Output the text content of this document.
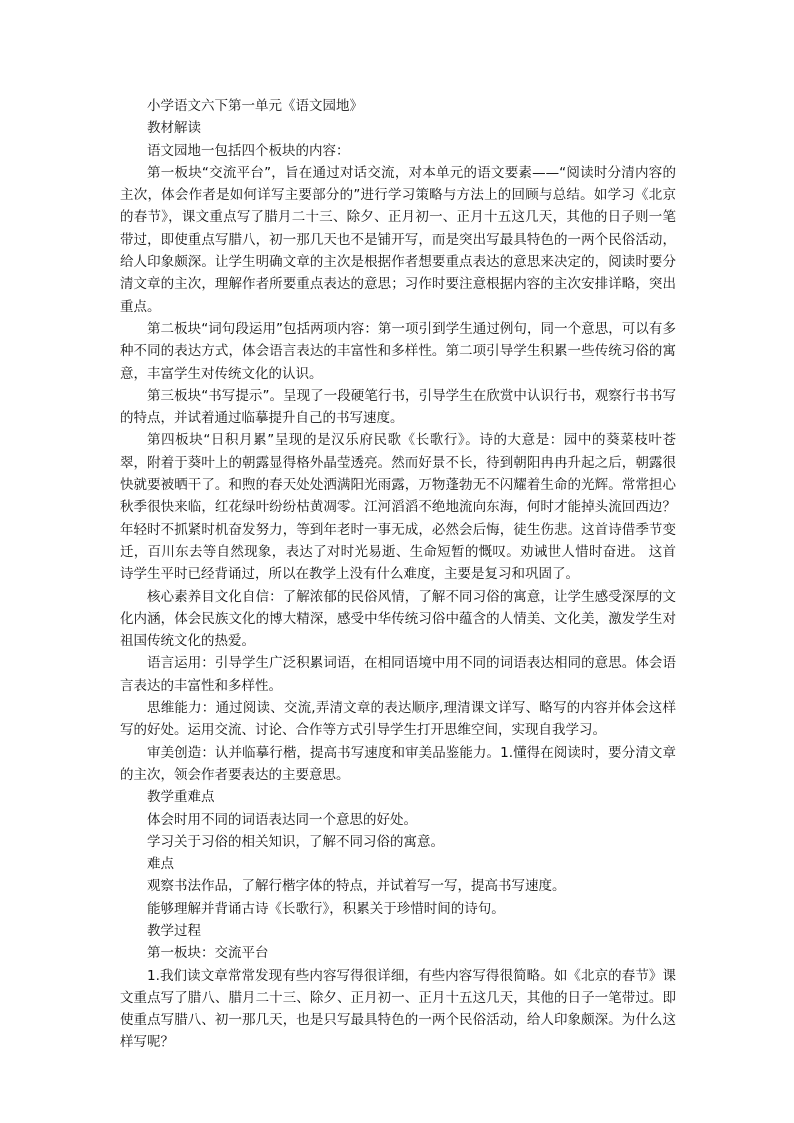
小学语文六下第一单元《语文园地》

教材解读

语文园地一包括四个板块的内容：

第一板块“交流平台”，旨在通过对话交流，对本单元的语文要素——“阅读时分清内容的主次，体会作者是如何详写主要部分的”进行学习策略与方法上的回顾与总结。如学习《北京的春节》，课文重点写了腊月二十三、除夕、正月初一、正月十五这几天，其他的日子则一笔带过，即使重点写腊八，初一那几天也不是铺开写，而是突出写最具特色的一两个民俗活动，给人印象颇深。让学生明确文章的主次是根据作者想要重点表达的意思来决定的，阅读时要分清文章的主次，理解作者所要重点表达的意思；习作时要注意根据内容的主次安排详略，突出重点。

第二板块“词句段运用”包括两项内容：第一项引到学生通过例句，同一个意思，可以有多种不同的表达方式，体会语言表达的丰富性和多样性。第二项引导学生积累一些传统习俗的寓意，丰富学生对传统文化的认识。

第三板块“书写提示”。呈现了一段硬笔行书，引导学生在欣赏中认识行书，观察行书书写的特点，并试着通过临摹提升自己的书写速度。

第四板块“日积月累”呈现的是汉乐府民歌《长歌行》。诗的大意是：园中的葵菜枝叶苍翠，附着于葵叶上的朝露显得格外晶莹透亮。然而好景不长，待到朝阳冉冉升起之后，朝露很快就要被晒干了。和煦的春天处处洒满阳光雨露，万物蓬勃无不闪耀着生命的光辉。常常担心秋季很快来临，红花绿叶纷纷枯黄凋零。江河滔滔不绝地流向东海，何时才能掉头流回西边？年轻时不抓紧时机奋发努力，等到年老时一事无成，必然会后悔，徒生伤悲。这首诗借季节变迁，百川东去等自然现象，表达了对时光易逝、生命短暂的慨叹。劝诫世人惜时奋进。 这首诗学生平时已经背诵过，所以在教学上没有什么难度，主要是复习和巩固了。

核心素养目文化自信：了解浓郁的民俗风情，了解不同习俗的寓意，让学生感受深厚的文化内涵，体会民族文化的博大精深，感受中华传统习俗中蕴含的人情美、文化美，激发学生对祖国传统文化的热爱。

语言运用：引导学生广泛积累词语，在相同语境中用不同的词语表达相同的意思。体会语言表达的丰富性和多样性。

思维能力：通过阅读、交流,弄清文章的表达顺序,理清课文详写、略写的内容并体会这样写的好处。运用交流、讨论、合作等方式引导学生打开思维空间，实现自我学习。

审美创造：认并临摹行楷，提高书写速度和审美品鉴能力。1.懂得在阅读时，要分清文章的主次，领会作者要表达的主要意思。

教学重难点

体会时用不同的词语表达同一个意思的好处。

学习关于习俗的相关知识，了解不同习俗的寓意。

难点

观察书法作品，了解行楷字体的特点，并试着写一写，提高书写速度。

能够理解并背诵古诗《长歌行》，积累关于珍惜时间的诗句。

教学过程

第一板块：交流平台

1.我们读文章常常发现有些内容写得很详细，有些内容写得很简略。如《北京的春节》课文重点写了腊八、腊月二十三、除夕、正月初一、正月十五这几天，其他的日子一笔带过。即使重点写腊八、初一那几天，也是只写最具特色的一两个民俗活动，给人印象颇深。为什么这样写呢？
